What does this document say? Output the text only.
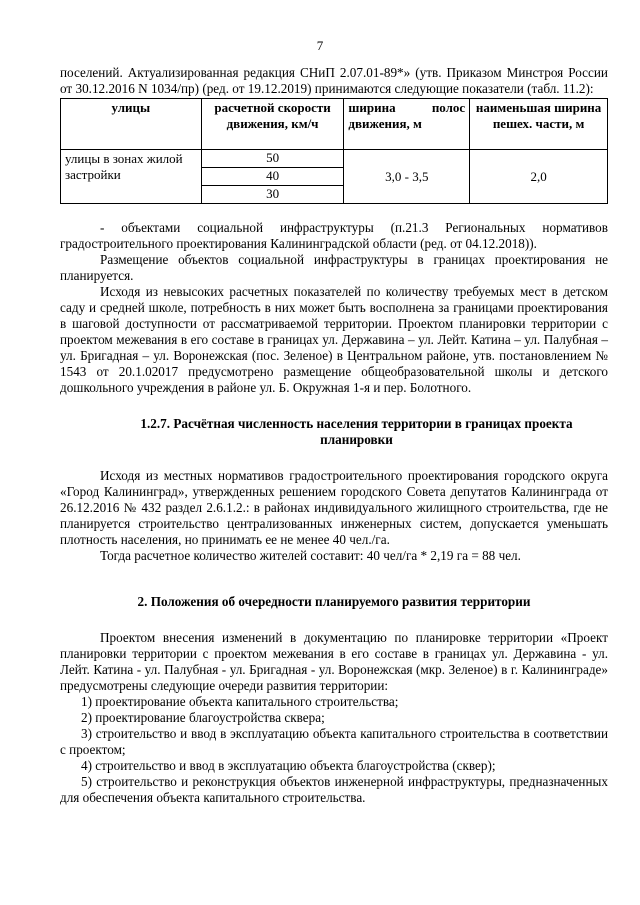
7

поселений. Актуализированная редакция СНиП 2.07.01-89*» (утв. Приказом Минстроя России от 30.12.2016 N 1034/пр) (ред. от 19.12.2019) принимаются следующие показатели (табл. 11.2):

улицы	расчетной скорости движения, км/ч	ширина полос движения, м	наименьшая ширина пешех. части, м
улицы в зонах жилой застройки	50	3,0 - 3,5	2,0
	40		
	30		

- объектами социальной инфраструктуры (п.21.3 Региональных нормативов градостроительного проектирования Калининградской области (ред. от 04.12.2018)).

Размещение объектов социальной инфраструктуры в границах проектирования не планируется.

Исходя из невысоких расчетных показателей по количеству требуемых мест в детском саду и средней школе, потребность в них может быть восполнена за границами проектирования в шаговой доступности от рассматриваемой территории. Проектом планировки территории с проектом межевания в его составе в границах ул. Державина – ул. Лейт. Катина – ул. Палубная – ул. Бригадная – ул. Воронежская (пос. Зеленое) в Центральном районе, утв. постановлением № 1543 от 20.1.02017 предусмотрено размещение общеобразовательной школы и детского дошкольного учреждения в районе ул. Б. Окружная 1-я и пер. Болотного.

1.2.7. Расчётная численность населения территории в границах проекта планировки

Исходя из местных нормативов градостроительного проектирования городского округа «Город Калининград», утвержденных решением городского Совета депутатов Калининграда от 26.12.2016 № 432 раздел 2.6.1.2.: в районах индивидуального жилищного строительства, где не планируется строительство централизованных инженерных систем, допускается уменьшать плотность населения, но принимать ее не менее 40 чел./га.

Тогда расчетное количество жителей составит: 40 чел/га * 2,19 га = 88 чел.

2. Положения об очередности планируемого развития территории

Проектом внесения изменений в документацию по планировке территории «Проект планировки территории с проектом межевания в его составе в границах ул. Державина - ул. Лейт. Катина - ул. Палубная - ул. Бригадная - ул. Воронежская (мкр. Зеленое) в г. Калининграде» предусмотрены следующие очереди развития территории:

1) проектирование объекта капитального строительства;
2) проектирование благоустройства сквера;
3) строительство и ввод в эксплуатацию объекта капитального строительства в соответствии с проектом;
4) строительство и ввод в эксплуатацию объекта благоустройства (сквер);
5) строительство и реконструкция объектов инженерной инфраструктуры, предназначенных для обеспечения объекта капитального строительства.
